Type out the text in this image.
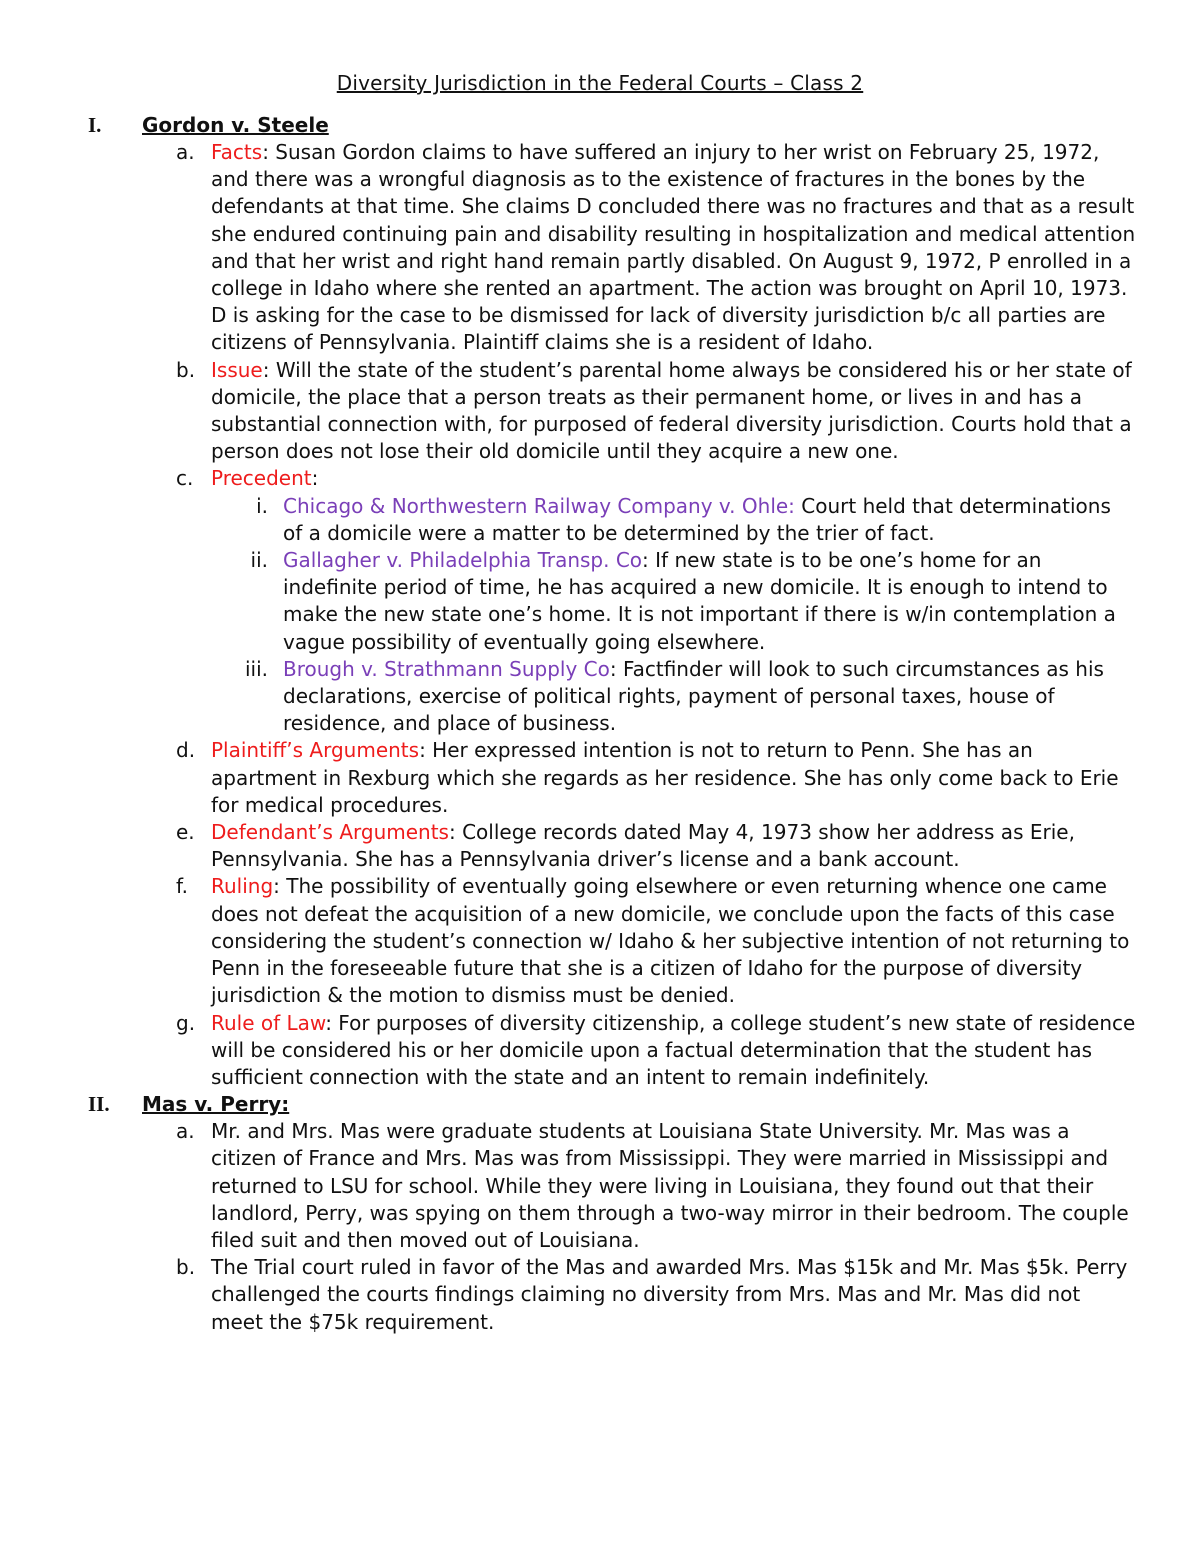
Diversity Jurisdiction in the Federal Courts – Class 2
I. Gordon v. Steele
a. Facts: Susan Gordon claims to have suffered an injury to her wrist on February 25, 1972, and there was a wrongful diagnosis as to the existence of fractures in the bones by the defendants at that time. She claims D concluded there was no fractures and that as a result she endured continuing pain and disability resulting in hospitalization and medical attention and that her wrist and right hand remain partly disabled. On August 9, 1972, P enrolled in a college in Idaho where she rented an apartment. The action was brought on April 10, 1973. D is asking for the case to be dismissed for lack of diversity jurisdiction b/c all parties are citizens of Pennsylvania. Plaintiff claims she is a resident of Idaho.
b. Issue: Will the state of the student’s parental home always be considered his or her state of domicile, the place that a person treats as their permanent home, or lives in and has a substantial connection with, for purposed of federal diversity jurisdiction. Courts hold that a person does not lose their old domicile until they acquire a new one.
c. Precedent:
i. Chicago & Northwestern Railway Company v. Ohle: Court held that determinations of a domicile were a matter to be determined by the trier of fact.
ii. Gallagher v. Philadelphia Transp. Co: If new state is to be one’s home for an indefinite period of time, he has acquired a new domicile. It is enough to intend to make the new state one’s home. It is not important if there is w/in contemplation a vague possibility of eventually going elsewhere.
iii. Brough v. Strathmann Supply Co: Factfinder will look to such circumstances as his declarations, exercise of political rights, payment of personal taxes, house of residence, and place of business.
d. Plaintiff’s Arguments: Her expressed intention is not to return to Penn. She has an apartment in Rexburg which she regards as her residence. She has only come back to Erie for medical procedures.
e. Defendant’s Arguments: College records dated May 4, 1973 show her address as Erie, Pennsylvania. She has a Pennsylvania driver’s license and a bank account.
f.	Ruling: The possibility of eventually going elsewhere or even returning whence one came does not defeat the acquisition of a new domicile, we conclude upon the facts of this case considering the student’s connection w/ Idaho & her subjective intention of not returning to Penn in the foreseeable future that she is a citizen of Idaho for the purpose of diversity jurisdiction & the motion to dismiss must be denied.
g. Rule of Law: For purposes of diversity citizenship, a college student’s new state of residence will be considered his or her domicile upon a factual determination that the student has sufficient connection with the state and an intent to remain indefinitely.
II. Mas v. Perry:
a. Mr. and Mrs. Mas were graduate students at Louisiana State University. Mr. Mas was a citizen of France and Mrs. Mas was from Mississippi. They were married in Mississippi and returned to LSU for school. While they were living in Louisiana, they found out that their landlord, Perry, was spying on them through a two-way mirror in their bedroom. The couple filed suit and then moved out of Louisiana.
b. The Trial court ruled in favor of the Mas and awarded Mrs. Mas $15k and Mr. Mas $5k. Perry challenged the courts findings claiming no diversity from Mrs. Mas and Mr. Mas did not meet the $75k requirement.
